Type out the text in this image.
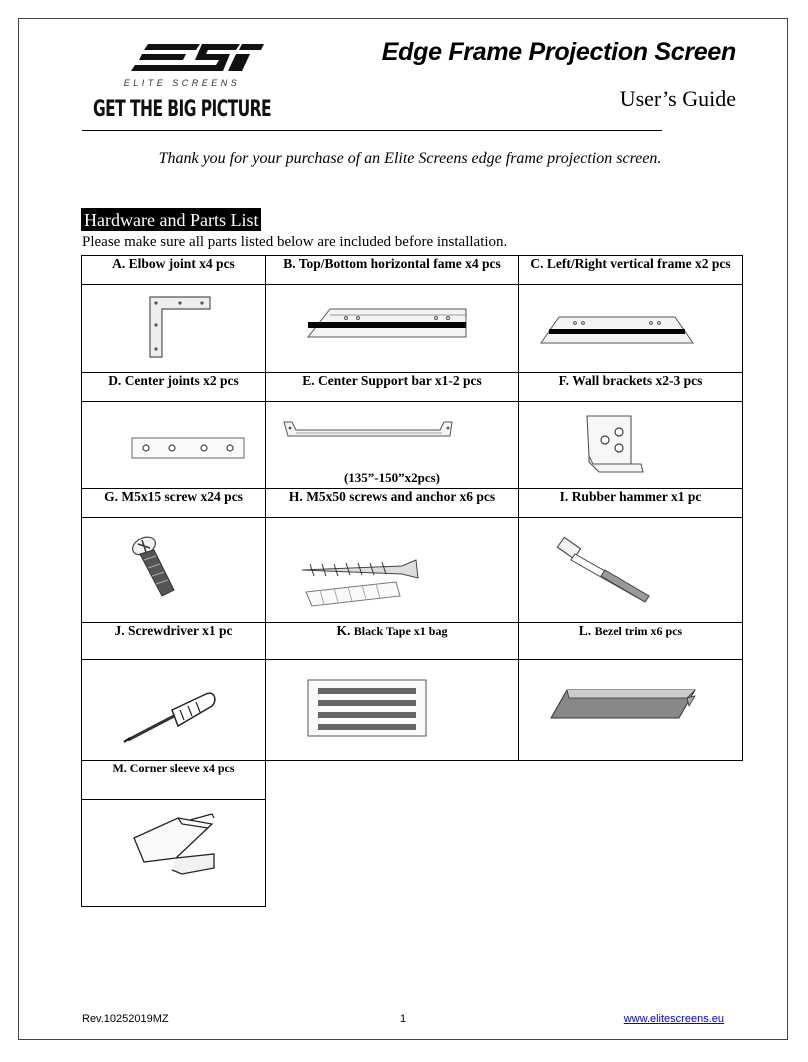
ELITE SCREENS
GET THE BIG PICTURE
Edge Frame Projection Screen
User’s Guide
Thank you for your purchase of an Elite Screens edge frame projection screen.
Hardware and Parts List
Please make sure all parts listed below are included before installation.
A. Elbow joint x4 pcs	B. Top/Bottom horizontal fame x4 pcs	C. Left/Right vertical frame x2 pcs

D. Center joints x2 pcs	E. Center Support bar x1-2 pcs	F. Wall brackets x2-3 pcs

(135”-150”x2pcs)

G. M5x15 screw x24 pcs	H. M5x50 screws and anchor x6 pcs	I. Rubber hammer x1 pc

J. Screwdriver x1 pc	K. Black Tape x1 bag	L. Bezel trim x6 pcs

M. Corner sleeve x4 pcs		

Rev.10252019MZ	1	www.elitescreens.eu
